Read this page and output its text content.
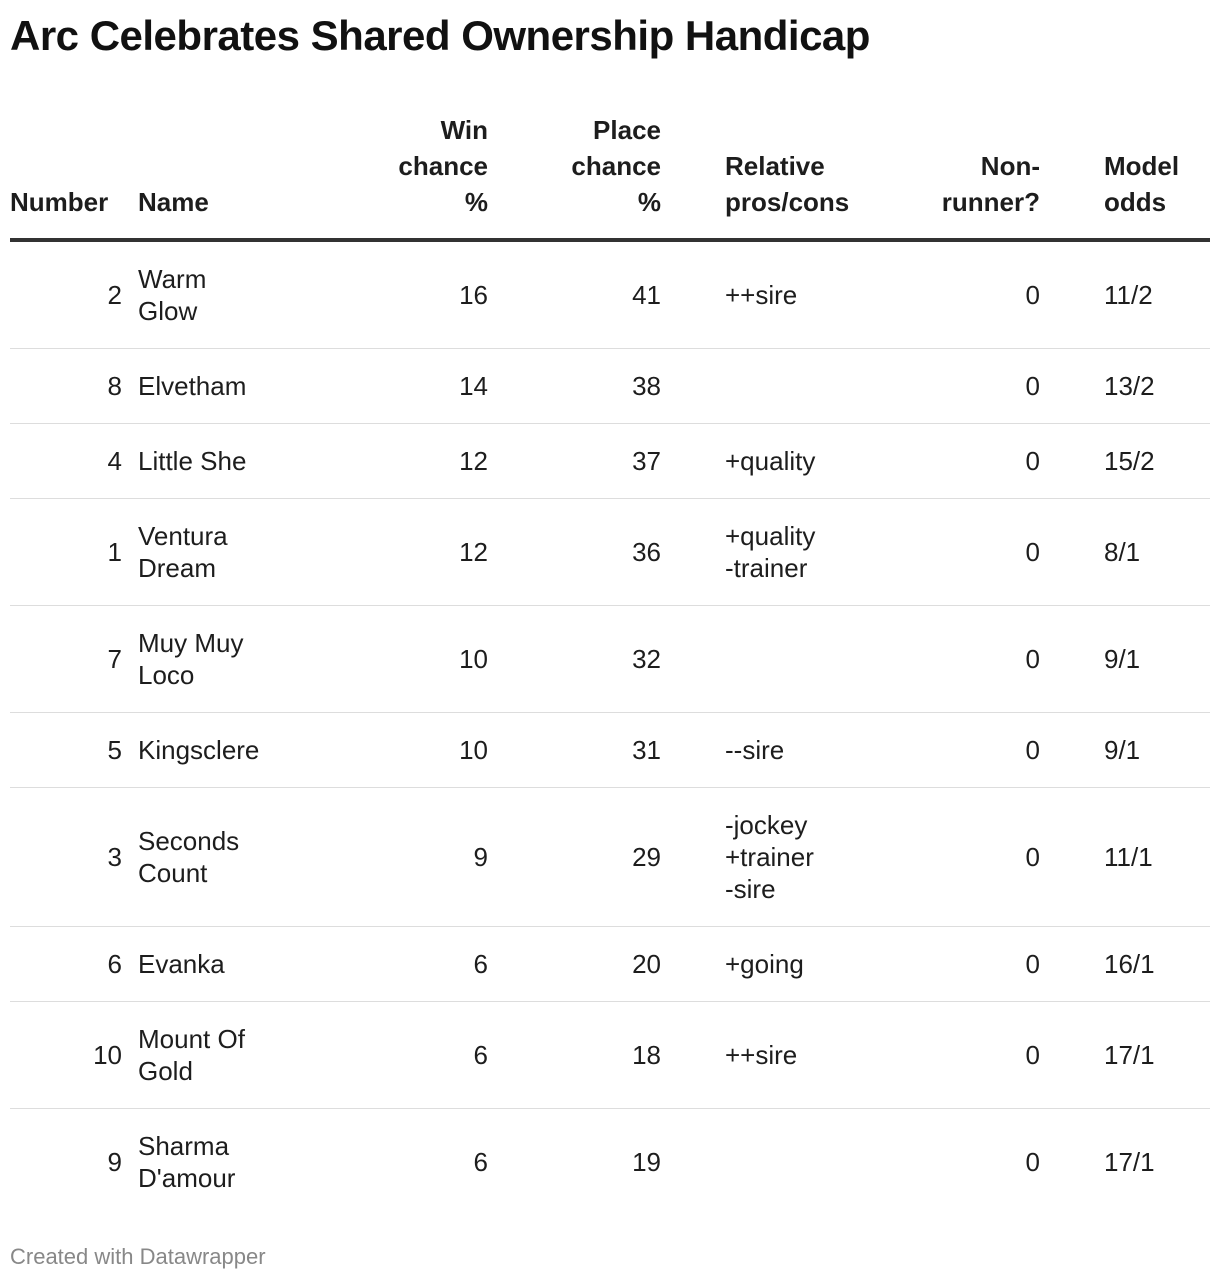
Arc Celebrates Shared Ownership Handicap
Number	Name	Win
chance
%	Place
chance
%	Relative
pros/cons	Non-
runner?	Model
odds
2	Warm
Glow	16	41	++sire	0	11/2
8	Elvetham	14	38		0	13/2
4	Little She	12	37	+quality	0	15/2
1	Ventura
Dream	12	36	+quality
-trainer	0	8/1
7	Muy Muy
Loco	10	32		0	9/1
5	Kingsclere	10	31	--sire	0	9/1
3	Seconds
Count	9	29	-jockey
+trainer
-sire	0	11/1
6	Evanka	6	20	+going	0	16/1
10	Mount Of
Gold	6	18	++sire	0	17/1
9	Sharma
D'amour	6	19		0	17/1
Created with Datawrapper
